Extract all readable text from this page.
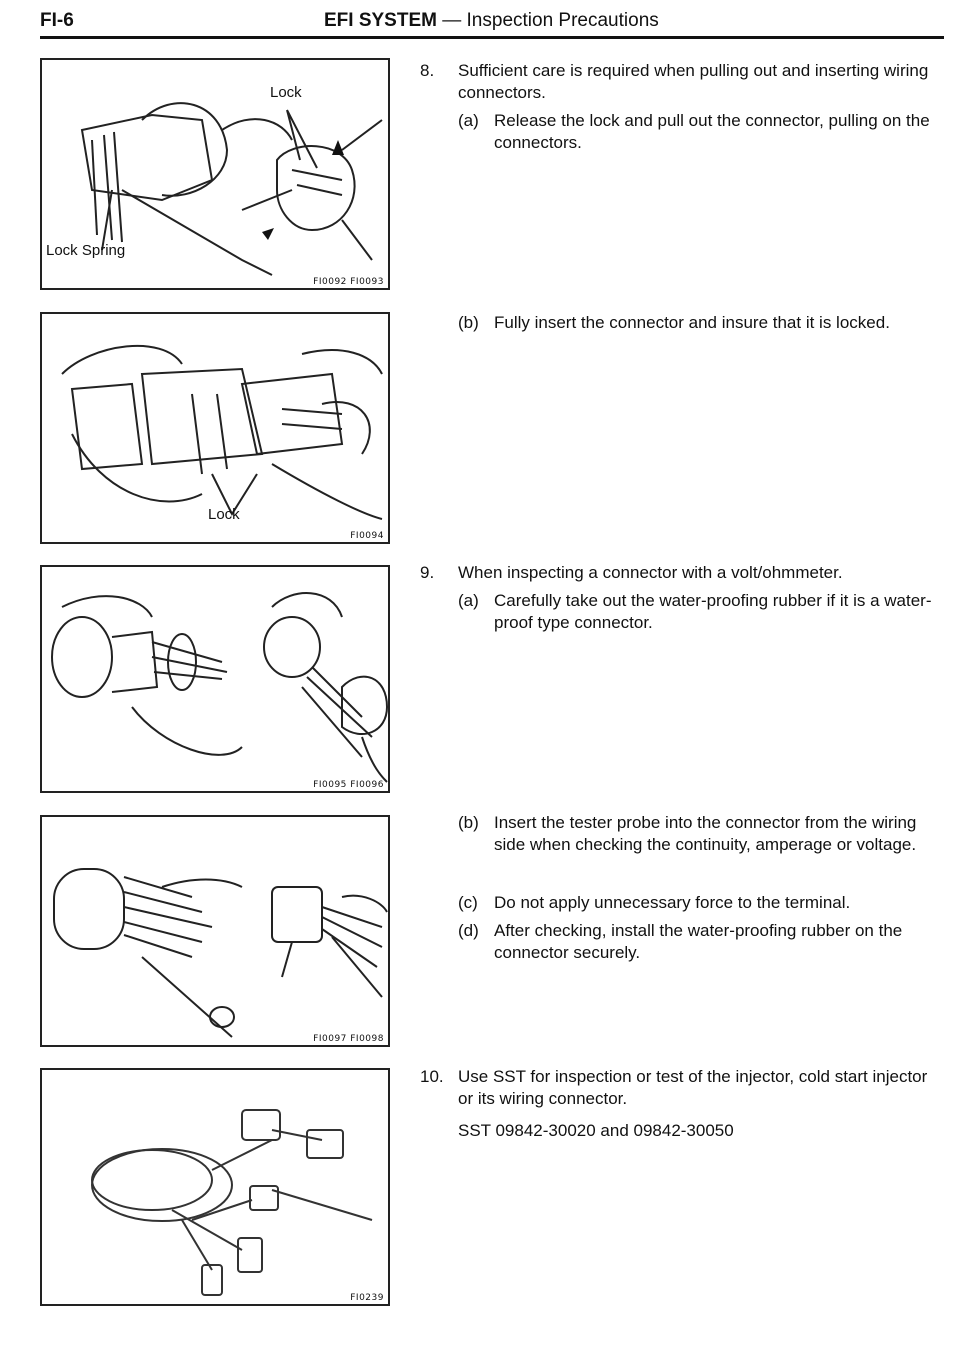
FI-6	EFI SYSTEM — Inspection Precautions
Lock
Lock Spring
FI0092 FI0093
Lock
FI0094
FI0095 FI0096
FI0097 FI0098
FI0239
8. Sufficient care is required when pulling out and inserting wiring connectors.
(a) Release the lock and pull out the connector, pulling on the connectors.
(b) Fully insert the connector and insure that it is locked.
9. When inspecting a connector with a volt/ohmmeter.
(a) Carefully take out the water-proofing rubber if it is a water-proof type connector.
(b) Insert the tester probe into the connector from the wiring side when checking the continuity, amperage or voltage.
(c) Do not apply unnecessary force to the terminal.
(d) After checking, install the water-proofing rubber on the connector securely.
10. Use SST for inspection or test of the injector, cold start injector or its wiring connector.
SST 09842-30020 and 09842-30050
